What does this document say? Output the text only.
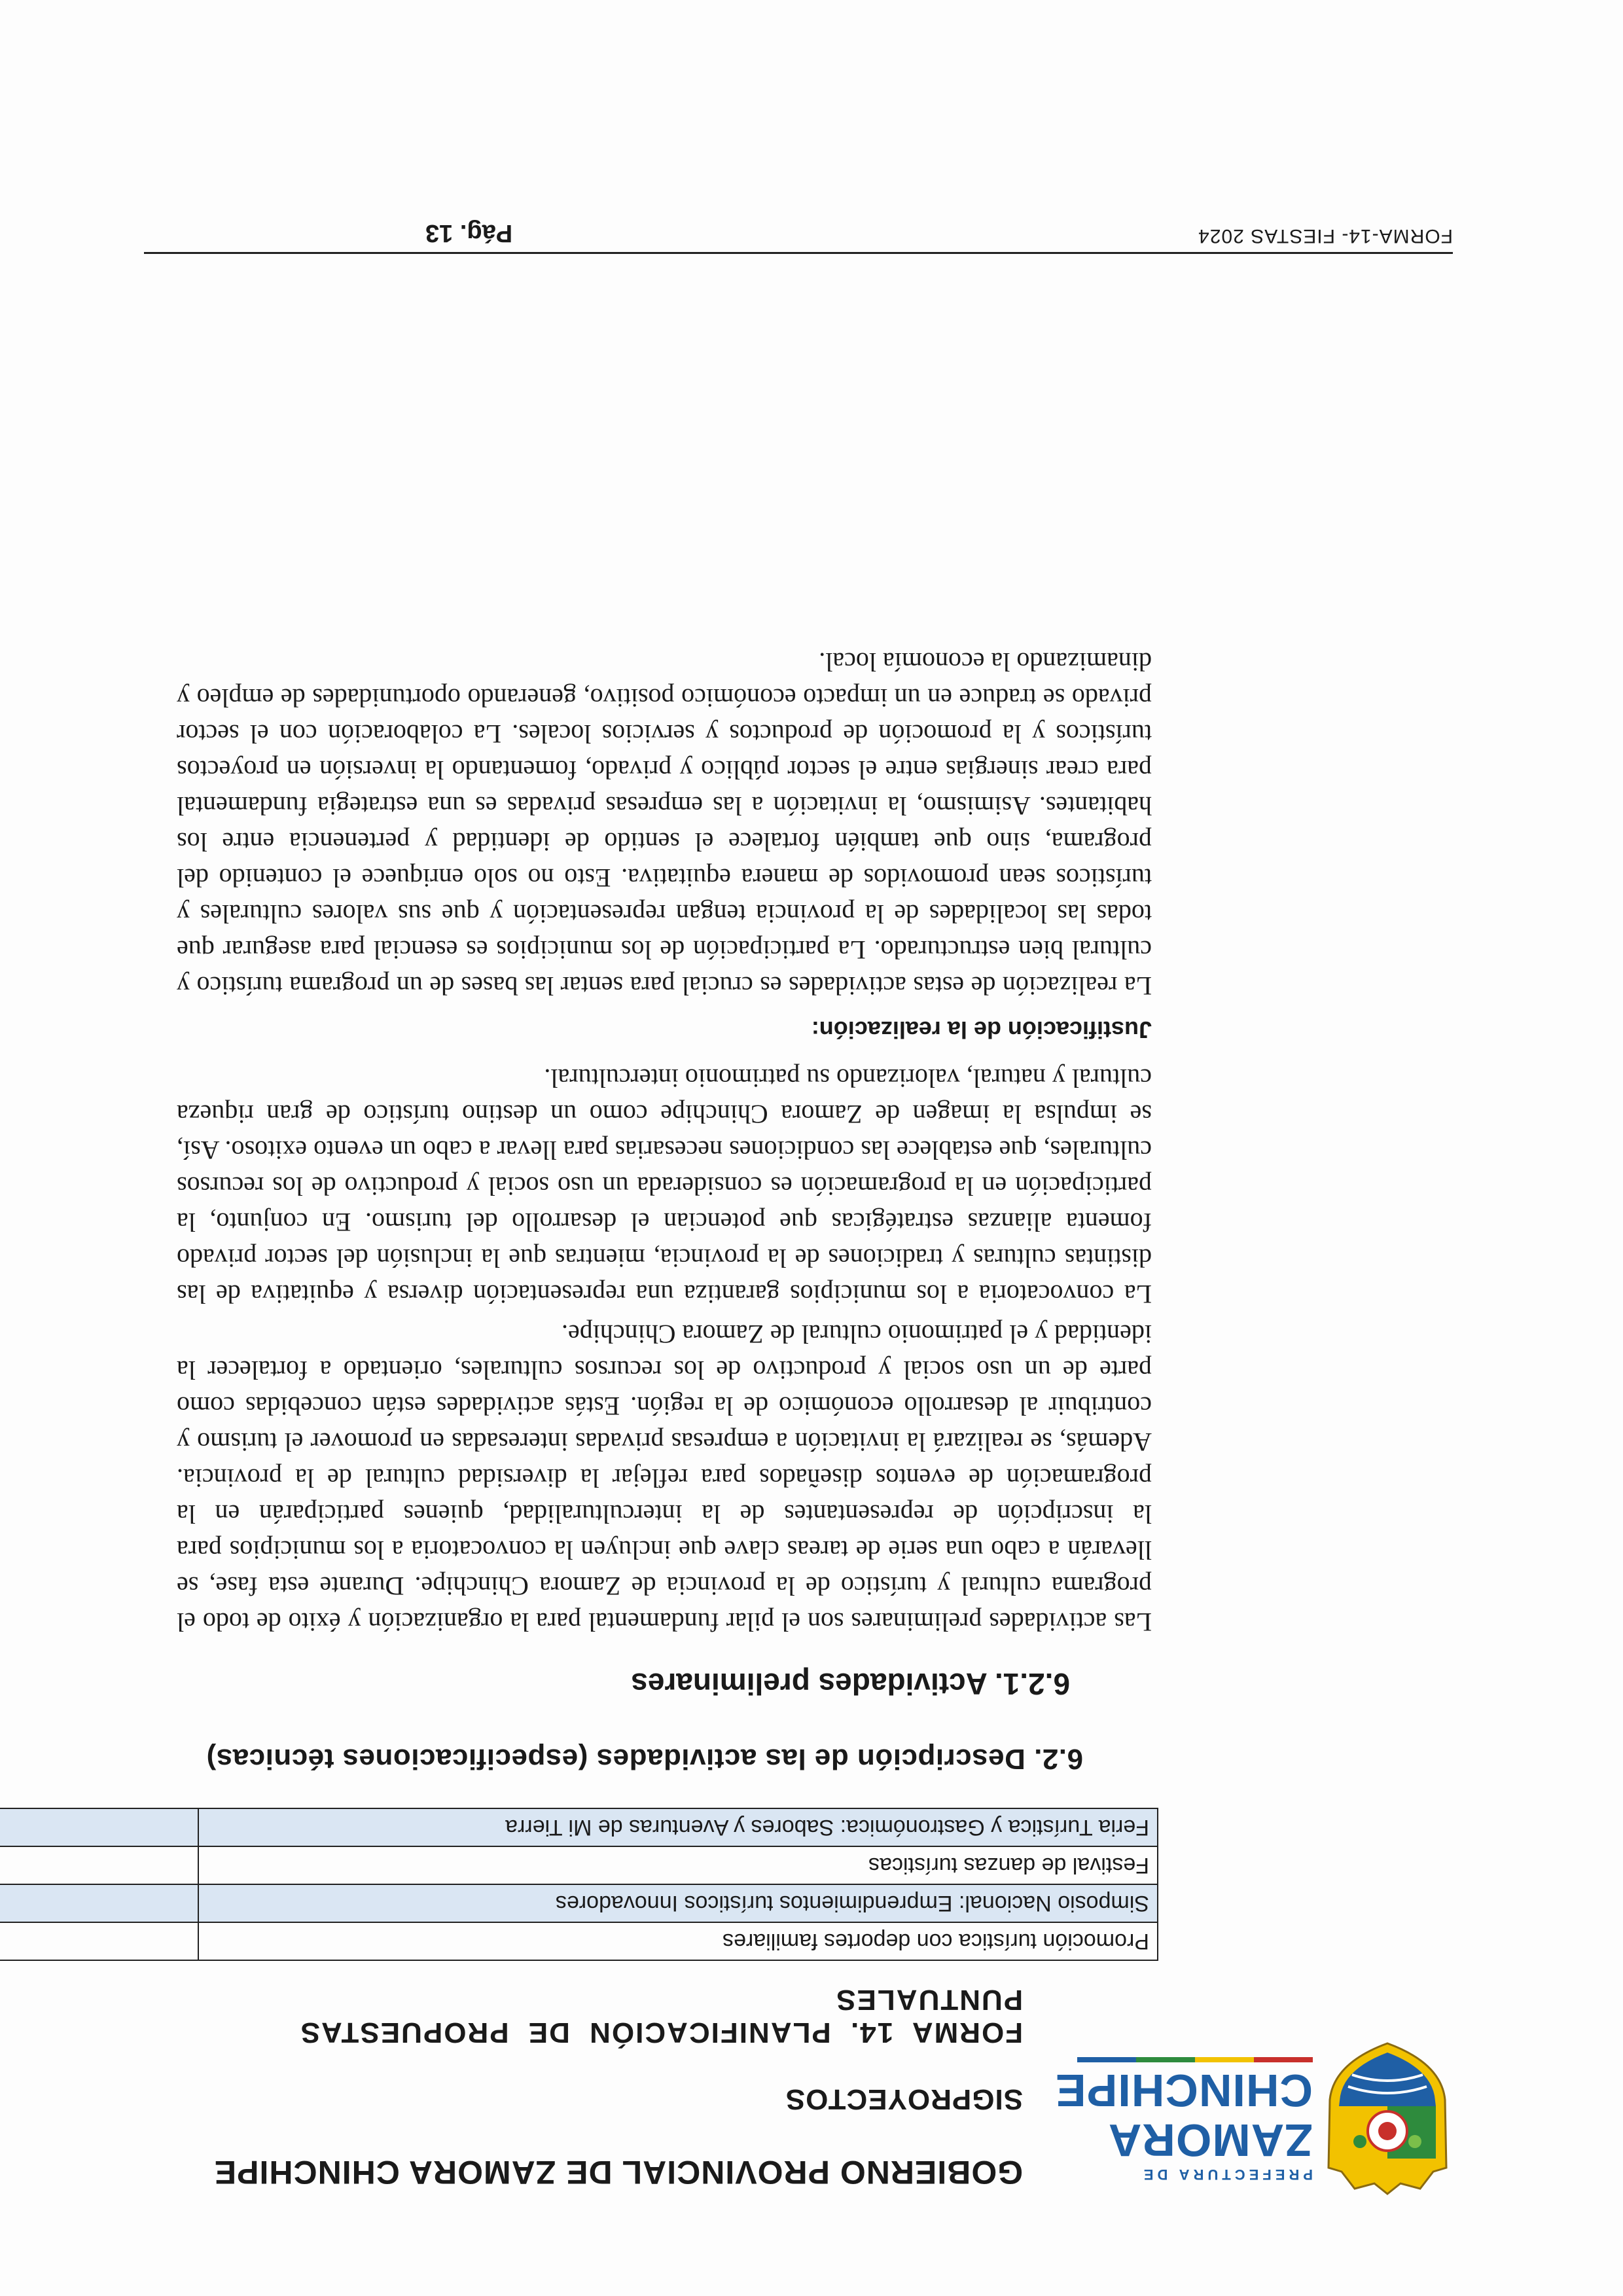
PREFECTURA DE
ZAMORA
CHINCHIPE
GOBIERNO PROVINCIAL DE ZAMORA CHINCHIPE
SIGPROYECTOS
FORMA 14. PLANIFICACIÓN DE PROPUESTAS PUNTUALES
Promoción turística con deportes familiares	
Simposio Nacional: Emprendimientos turísticos Innovadores	
Festival de danzas turísticas	
Feria Turística y Gastronómica: Sabores y Aventuras de Mi Tierra	
6.2. Descripción de las actividades (especificaciones técnicas)
6.2.1. Actividades preliminares

Las actividades preliminares son el pilar fundamental para la organización y éxito de todo el programa cultural y turístico de la provincia de Zamora Chinchipe. Durante esta fase, se llevarán a cabo una serie de tareas clave que incluyen la convocatoria a los municipios para la inscripción de representantes de la interculturalidad, quienes participarán en la programación de eventos diseñados para reflejar la diversidad cultural de la provincia. Además, se realizará la invitación a empresas privadas interesadas en promover el turismo y contribuir al desarrollo económico de la región. Estás actividades están concebidas como parte de un uso social y productivo de los recursos culturales, orientado a fortalecer la identidad y el patrimonio cultural de Zamora Chinchipe.

La convocatoria a los municipios garantiza una representación diversa y equitativa de las distintas culturas y tradiciones de la provincia, mientras que la inclusión del sector privado fomenta alianzas estratégicas que potencian el desarrollo del turismo. En conjunto, la participación en la programación es considerada un uso social y productivo de los recursos culturales, que establece las condiciones necesarias para llevar a cabo un evento exitoso. Así, se impulsa la imagen de Zamora Chinchipe como un destino turístico de gran riqueza cultural y natural, valorizando su patrimonio intercultural.

Justificación de la realización:

La realización de estas actividades es crucial para sentar las bases de un programa turístico y cultural bien estructurado. La participación de los municipios es esencial para asegurar que todas las localidades de la provincia tengan representación y que sus valores culturales y turísticos sean promovidos de manera equitativa. Esto no solo enriquece el contenido del programa, sino que también fortalece el sentido de identidad y pertenencia entre los habitantes. Asimismo, la invitación a las empresas privadas es una estrategia fundamental para crear sinergias entre el sector público y privado, fomentando la inversión en proyectos turísticos y la promoción de productos y servicios locales. La colaboración con el sector privado se traduce en un impacto económico positivo, generando oportunidades de empleo y dinamizando la economía local.

FORMA-14- FIESTAS 2024
Pág. 13
